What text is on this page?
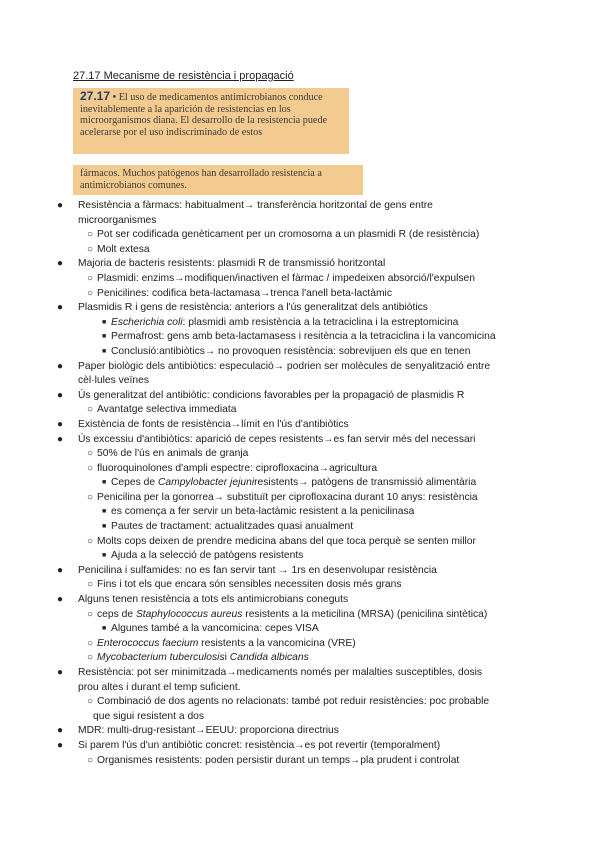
27.17 Mecanisme de resistència i propagació
27.17 • El uso de medicamentos antimicrobianos conduce inevitablemente a la aparición de resistencias en los microorganismos diana. El desarrollo de la resistencia puede acelerarse por el uso indiscriminado de estos
fármacos. Muchos patógenos han desarrollado resistencia a antimicrobianos comunes.
● Resistència a fàrmacs: habitualment→ transferència horitzontal de gens entre
microorganismes
○ Pot ser codificada genèticament per un cromosoma a un plasmidi R (de resistència)
○ Molt extesa
● Majoria de bacteris resistents: plasmidi R de transmissió horitzontal
○ Plasmidi: enzims→modifiquen/inactiven el fàrmac / impedeixen absorció/l'expulsen
○ Penicilines: codifica beta-lactamasa→trenca l'anell beta-lactàmic
● Plasmidis R i gens de resistència: anteriors a l'ús generalitzat dels antibiòtics
■ Escherichia coli: plasmidi amb resistència a la tetraciclina i la estreptomicina
■ Permafrost: gens amb beta-lactamasess i resitència a la tetraciclina i la vancomicina
■ Conclusió:antibiòtics→ no provoquen resistència: sobrevijuen els que en tenen
● Paper biològic dels antibiòtics: especulació→ podrien ser molècules de senyalització entre
cèl·lules veïnes
● Ús generalitzat del antibiòtic: condicions favorables per la propagació de plasmidis R
○ Avantatge selectiva immediata
● Existència de fonts de resistència→límit en l'ús d'antibiòtics
● Ús excessiu d'antibiòtics: aparició de cepes resistents→es fan servir més del necessari
○ 50% de l'ús en animals de granja
○ fluoroquinolones d'ampli espectre: ciprofloxacina→agricultura
■ Cepes de Campylobacter jejuniresistents→ patògens de transmissió alimentària
○ Penicilina per la gonorrea→ substituït per ciprofloxacina durant 10 anys: resistència
■ es comença a fer servir un beta-lactàmic resistent a la penicilinasa
■ Pautes de tractament: actualitzades quasi anualment
○ Molts cops deixen de prendre medicina abans del que toca perquè se senten millor
■ Ajuda a la selecció de patògens resistents
● Penicilina i sulfamides: no es fan servir tant → 1rs en desenvolupar resistència
○ Fins i tot els que encara són sensibles necessiten dosis més grans
● Alguns tenen resistència a tots els antimicrobians coneguts
○ ceps de Staphylococcus aureus resistents a la meticilina (MRSA) (penicilina sintètica)
■ Algunes també a la vancomicina: cepes VISA
○ Enterococcus faecium resistents a la vancomicina (VRE)
○ Mycobacterium tuberculosisi Candida albicans
● Resistència: pot ser minimitzada→medicaments només per malalties susceptibles, dosis
prou altes i durant el temp suficient.
○ Combinació de dos agents no relacionats: també pot reduir resistències: poc probable
que sigui resistent a dos
● MDR: multi-drug-resistant→EEUU: proporciona directrius
● Si parem l'ús d'un antibiòtic concret: resistència→es pot revertir (temporalment)
○ Organismes resistents: poden persistir durant un temps→pla prudent i controlat
